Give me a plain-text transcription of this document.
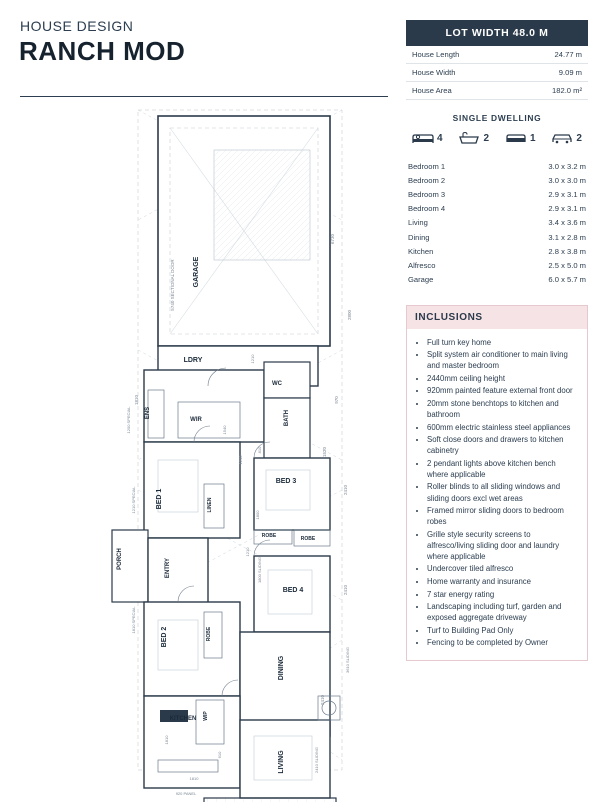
HOUSE DESIGN
RANCH MOD
GARAGE
LDRY
WC
WIR
ENS	BATH
BED 1
BED 3
LINEN
ROBE	ROBE
PORCH	ENTRY
BED 4
BED 2	ROBE
DINING
KITCHEN WIP
LIVING
6730
5740 SECTIONAL DOOR
2800
1210
970
1810
1200 SPECIAL	1540
810	1520
1210
2410
1210 SPECIAL
1800
1210
1800 SLIDING
2410
1810 SPECIAL
3610 SLIDING
2410
1810
610	2410 SLIDING
1810
920 PANEL
LOT WIDTH 48.0 M
House Length	24.77 m
House Width	9.09 m
House Area	182.0 m²
SINGLE DWELLING
4	2	1	2
Bedroom 1	3.0 x 3.2 m
Bedroom 2	3.0 x 3.0 m
Bedroom 3	2.9 x 3.1 m
Bedroom 4	2.9 x 3.1 m
Living	3.4 x 3.6 m
Dining	3.1 x 2.8 m
Kitchen	2.8 x 3.8 m
Alfresco	2.5 x 5.0 m
Garage	6.0 x 5.7 m
INCLUSIONS
• Full turn key home
• Split system air conditioner to main living and master bedroom
• 2440mm ceiling height
• 920mm painted feature external front door
• 20mm stone benchtops to kitchen and bathroom
• 600mm electric stainless steel appliances
• Soft close doors and drawers to kitchen cabinetry
• 2 pendant lights above kitchen bench where applicable
• Roller blinds to all sliding windows and sliding doors excl wet areas
• Framed mirror sliding doors to bedroom robes
• Grille style security screens to alfresco/living sliding door and laundry where applicable
• Undercover tiled alfresco
• Home warranty and insurance
• 7 star energy rating
• Landscaping including turf, garden and exposed aggregate driveway
• Turf to Building Pad Only
• Fencing to be completed by Owner
